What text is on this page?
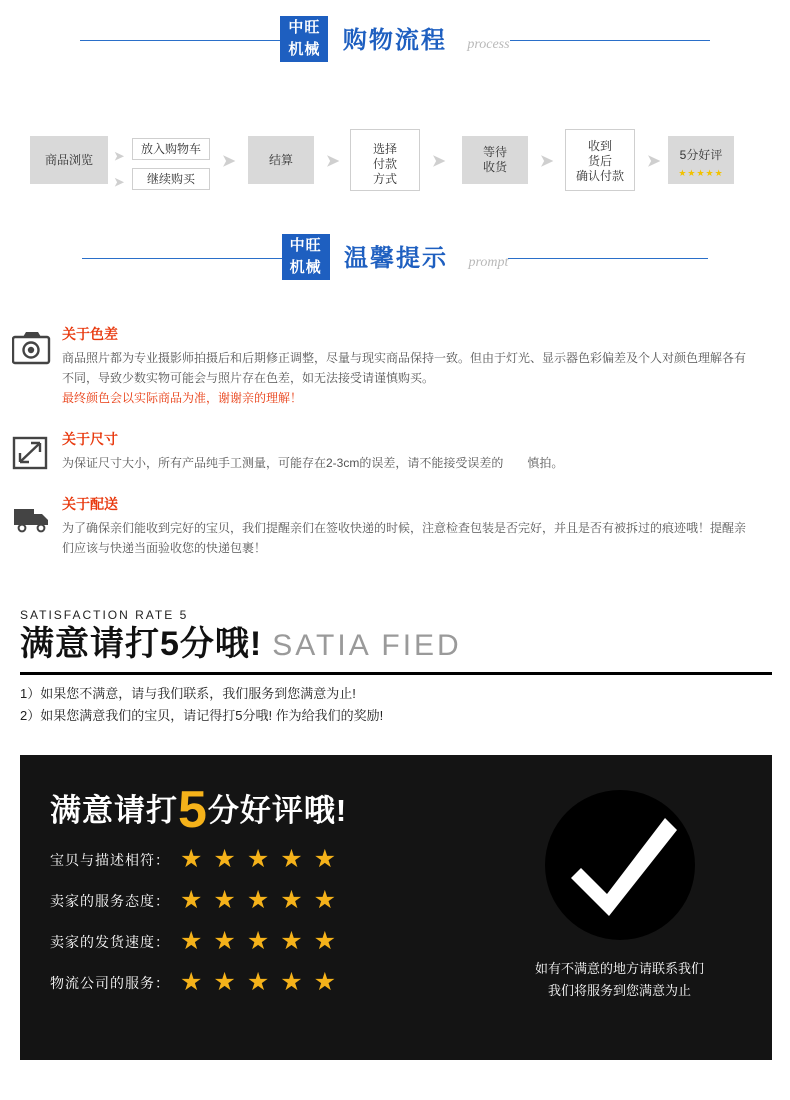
中旺
机械 购物流程 process
商品浏览 ➤
➤
放入购物车
继续购买
➤	结算 ➤
选择
付款
方式
➤
等待
收货	➤
收到
货后
确认付款
➤	5分好评
★★★★★
中旺
机械 温馨提示 prompt

关于色差

商品照片都为专业摄影师拍摄后和后期修正调整，尽量与现实商品保持一致。但由于灯光、显示器色彩偏差及个人对颜色理解各有不同，导致少数实物可能会与照片存在色差，如无法接受请谨慎购买。

最终颜色会以实际商品为准，谢谢亲的理解！

关于尺寸

为保证尺寸大小，所有产品纯手工测量，可能存在2-3cm的误差，请不能接受误差的　　慎拍。

关于配送

为了确保亲们能收到完好的宝贝，我们提醒亲们在签收快递的时候，注意检查包装是否完好，并且是否有被拆过的痕迹哦！提醒亲们应该与快递当面验收您的快递包裹！

SATISFACTION RATE 5
满意请打5分哦! SATIA FIED
1）如果您不满意，请与我们联系，我们服务到您满意为止!
2）如果您满意我们的宝贝，请记得打5分哦! 作为给我们的奖励!
满意请打5分好评哦!
宝贝与描述相符： ★★★★★
卖家的服务态度： ★★★★★
卖家的发货速度： ★★★★★
物流公司的服务： ★★★★★	如有不满意的地方请联系我们
我们将服务到您满意为止
